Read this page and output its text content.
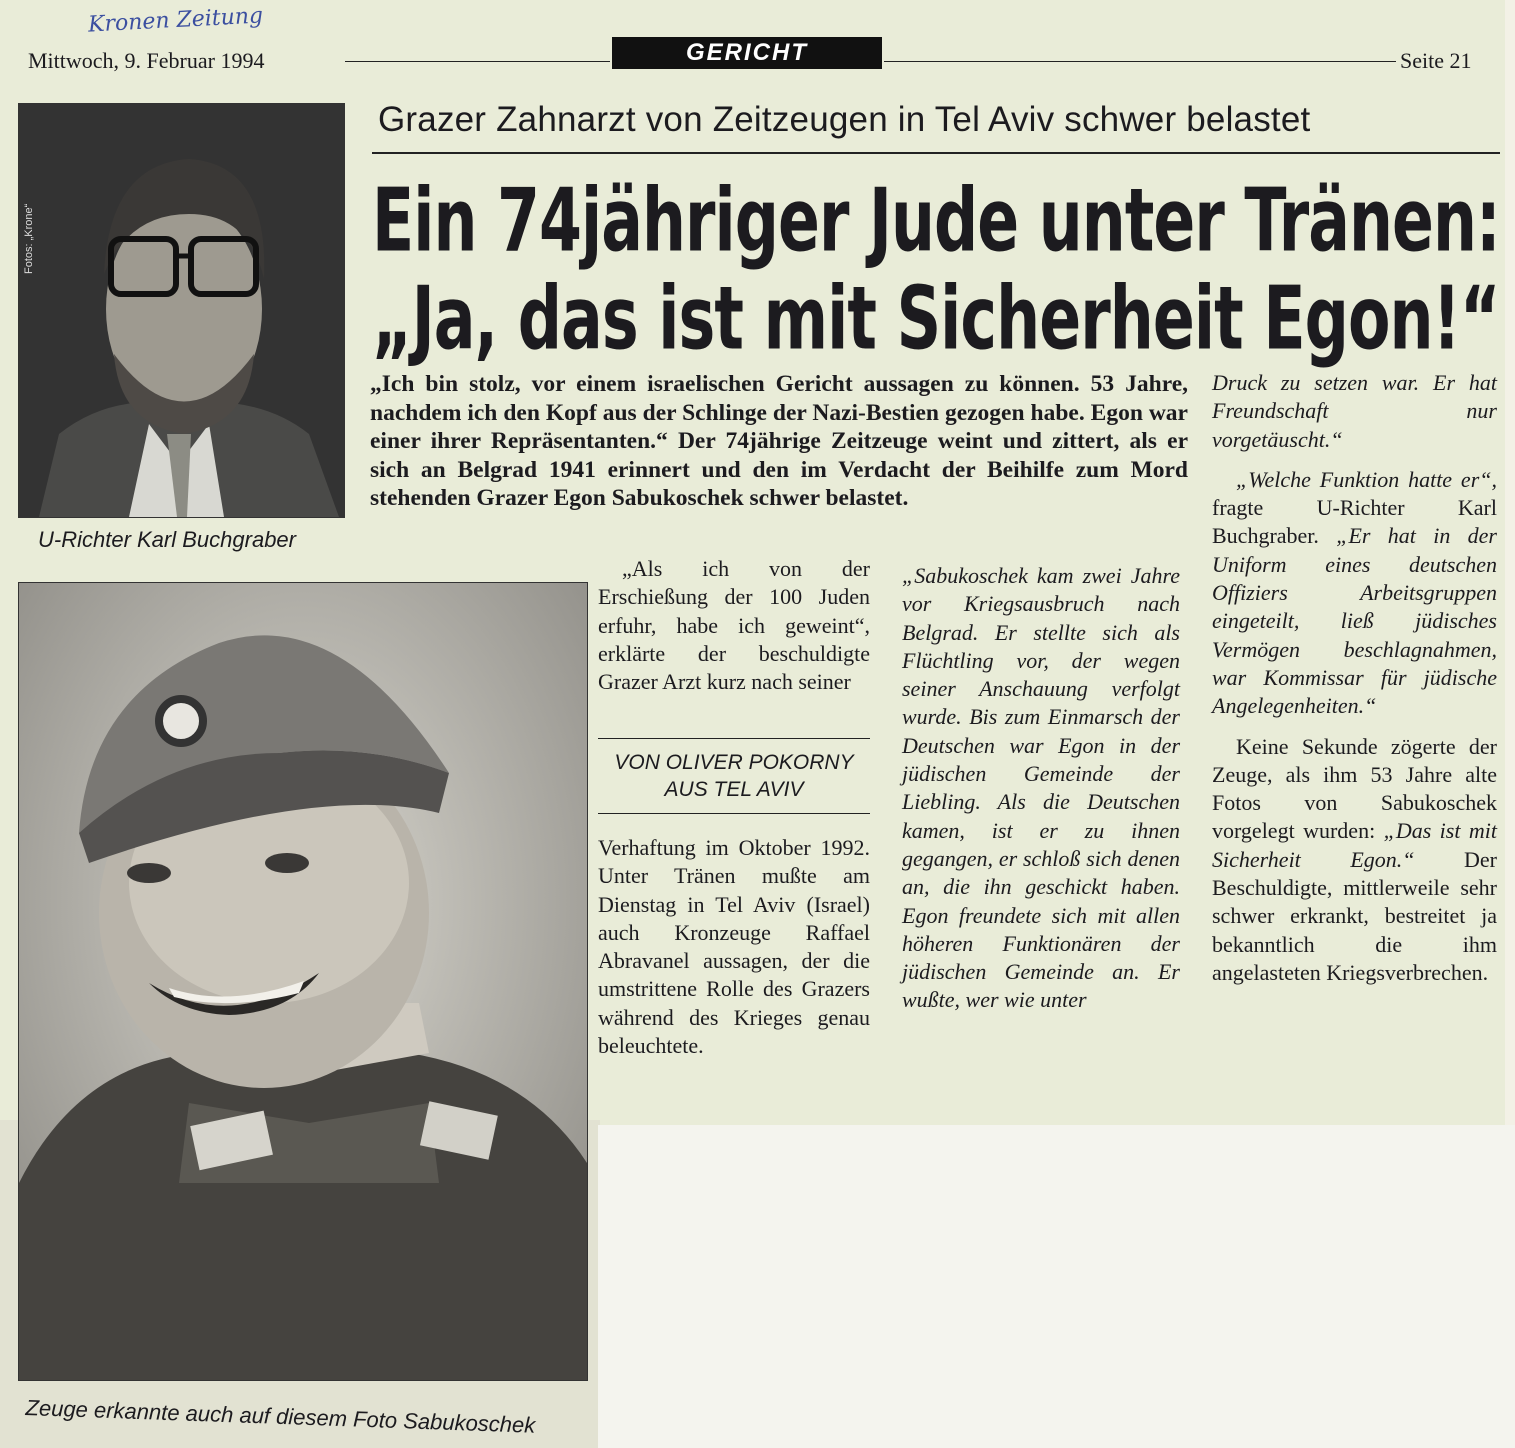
Kronen Zeitung
Mittwoch, 9. Februar 1994	GERICHT	Seite 21
Grazer Zahnarzt von Zeitzeugen in Tel Aviv schwer belastet
Ein 74jähriger Jude unter Tränen:
„Ja, das ist mit Sicherheit Egon!“
Fotos: „Krone“
U-Richter Karl Buchgraber
Zeuge erkannte auch auf diesem Foto Sabukoschek
„Ich bin stolz, vor einem israelischen Gericht aussagen zu können. 53 Jahre, nachdem ich den Kopf aus der Schlinge der Nazi-Bestien gezogen habe. Egon war einer ihrer Repräsentanten.“ Der 74jährige Zeitzeuge weint und zittert, als er sich an Belgrad 1941 erinnert und den im Verdacht der Beihilfe zum Mord stehenden Grazer Egon Sabukoschek schwer belastet.
„Als ich von der Erschießung der 100 Juden erfuhr, habe ich geweint“, erklärte der beschuldigte Grazer Arzt kurz nach seiner
VON OLIVER POKORNY
AUS TEL AVIV
Verhaftung im Oktober 1992. Unter Tränen mußte am Dienstag in Tel Aviv (Israel) auch Kronzeuge Raffael Abravanel aussagen, der die umstrittene Rolle des Grazers während des Krieges genau beleuchtete.
„Sabukoschek kam zwei Jahre vor Kriegsausbruch nach Belgrad. Er stellte sich als Flüchtling vor, der wegen seiner Anschauung verfolgt wurde. Bis zum Einmarsch der Deutschen war Egon in der jüdischen Gemeinde der Liebling. Als die Deutschen kamen, ist er zu ihnen gegangen, er schloß sich denen an, die ihn geschickt haben. Egon freundete sich mit allen höheren Funktionären der jüdischen Gemeinde an. Er wußte, wer wie unter

Druck zu setzen war. Er hat Freundschaft nur vorgetäuscht.“

„Welche Funktion hatte er“, fragte U-Richter Karl Buchgraber. „Er hat in der Uniform eines deutschen Offiziers Arbeitsgruppen eingeteilt, ließ jüdisches Vermögen beschlagnahmen, war Kommissar für jüdische Angelegenheiten.“

Keine Sekunde zögerte der Zeuge, als ihm 53 Jahre alte Fotos von Sabukoschek vorgelegt wurden: „Das ist mit Sicherheit Egon.“ Der Beschuldigte, mittlerweile sehr schwer erkrankt, bestreitet ja bekanntlich die ihm angelasteten Kriegsverbrechen.
